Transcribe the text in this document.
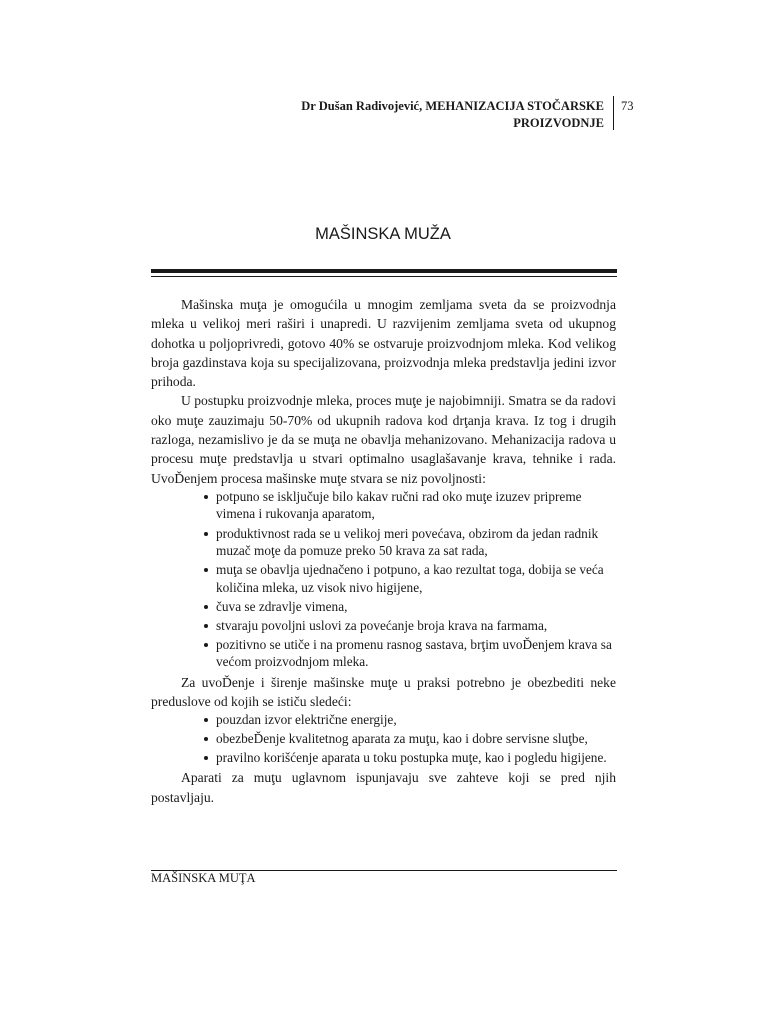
Dr Dušan Radivojević, MEHANIZACIJA STOČARSKE
PROIZVODNJE
73
MAŠINSKA MUŽA

Mašinska muţa je omogućila u mnogim zemljama sveta da se proizvodnja mleka u velikoj meri raširi i unapredi. U razvijenim zemljama sveta od ukupnog dohotka u poljoprivredi, gotovo 40% se ostvaruje proizvodnjom mleka. Kod velikog broja gazdinstava koja su specijalizovana, proizvodnja mleka predstavlja jedini izvor prihoda.

U postupku proizvodnje mleka, proces muţe je najobimniji. Smatra se da radovi oko muţe zauzimaju 50-70% od ukupnih radova kod drţanja krava. Iz tog i drugih razloga, nezamislivo je da se muţa ne obavlja mehanizovano. Mehanizacija radova u procesu muţe predstavlja u stvari optimalno usaglašavanje krava, tehnike i rada. UvoĎenjem procesa mašinske muţe stvara se niz povoljnosti:

potpuno se isključuje bilo kakav ručni rad oko muţe izuzev pripreme vimena i rukovanja aparatom,
produktivnost rada se u velikoj meri povećava, obzirom da jedan radnik muzač moţe da pomuze preko 50 krava za sat rada,
muţa se obavlja ujednačeno i potpuno, a kao rezultat toga, dobija se veća količina mleka, uz visok nivo higijene,
čuva se zdravlje vimena,
stvaraju povoljni uslovi za povećanje broja krava na farmama,
pozitivno se utiče i na promenu rasnog sastava, brţim uvoĎenjem krava sa većom proizvodnjom mleka.

Za uvoĎenje i širenje mašinske muţe u praksi potrebno je obezbediti neke preduslove od kojih se ističu sledeći:

pouzdan izvor električne energije,
obezbeĎenje kvalitetnog aparata za muţu, kao i dobre servisne sluţbe,
pravilno korišćenje aparata u toku postupka muţe, kao i pogledu higijene.

Aparati za muţu uglavnom ispunjavaju sve zahteve koji se pred njih postavljaju.

MAŠINSKA MUŢA
